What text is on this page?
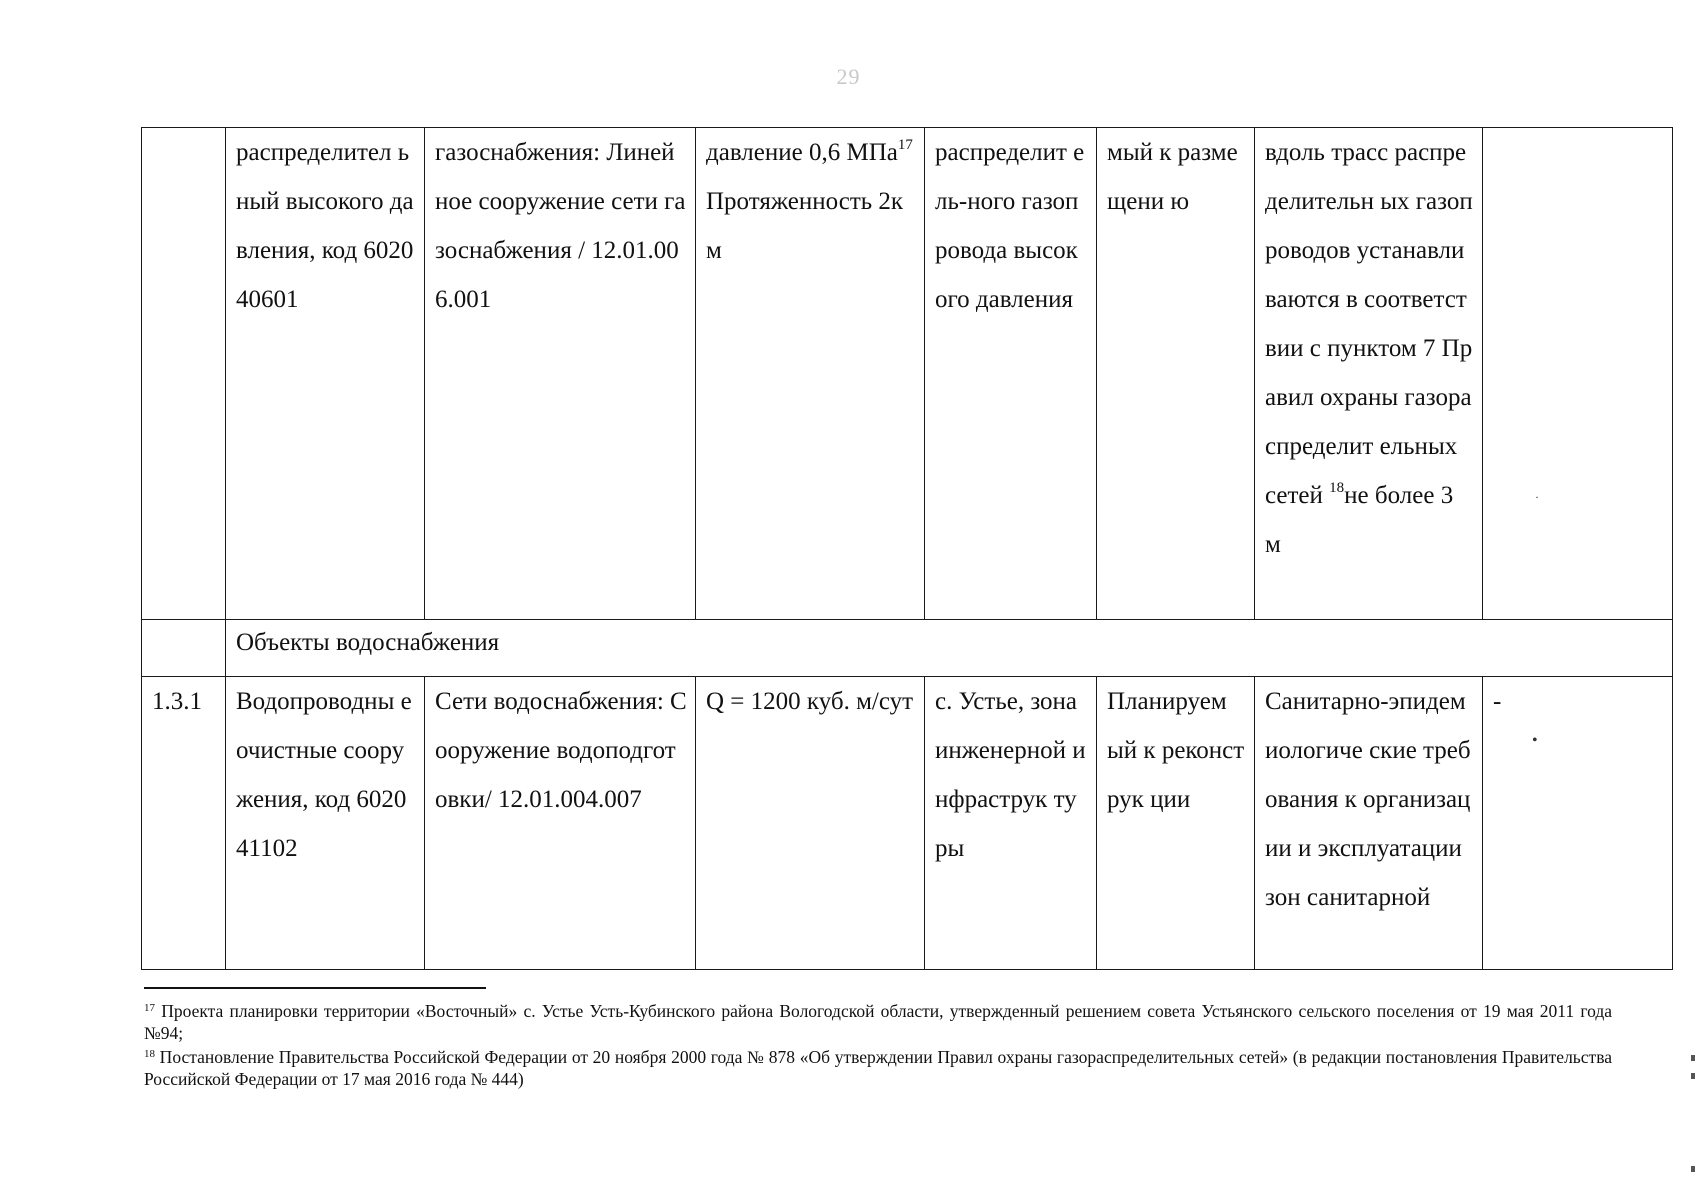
29
	распределител ьный высокого давления, код 602040601	газоснабжения: Линейное сооружение сети газоснабжения / 12.01.006.001	давление 0,6 МПа$^{17}$ Протяженность 2км	распределит ель-ного газопровода высокого давления	мый к размещени ю	вдоль трасс распределительн ых газопроводов устанавливаются в соответствии с пунктом 7 Правил охраны газораспределит ельных сетей $^{18}$не более 3 м	
	Объекты водоснабжения						
1.3.1	Водопроводны е очистные сооружения, код 602041102	Сети водоснабжения: Сооружение водоподготовки/ 12.01.004.007	Q = 1200 куб. м/сут	с. Устье, зона инженерной инфраструк туры	Планируем ый к реконструк ции	Санитарно-эпидемиологиче ские требования к организации и эксплуатации зон санитарной	-
·
•
$^{17}$ Проекта планировки территории «Восточный» с. Устье Усть-Кубинского района Вологодской области, утвержденный решением совета Устьянского сельского поселения от 19 мая 2011 года №94;
$^{18}$ Постановление Правительства Российской Федерации от 20 ноября 2000 года № 878 «Об утверждении Правил охраны газораспределительных сетей» (в редакции постановления Правительства Российской Федерации от 17 мая 2016 года № 444)
